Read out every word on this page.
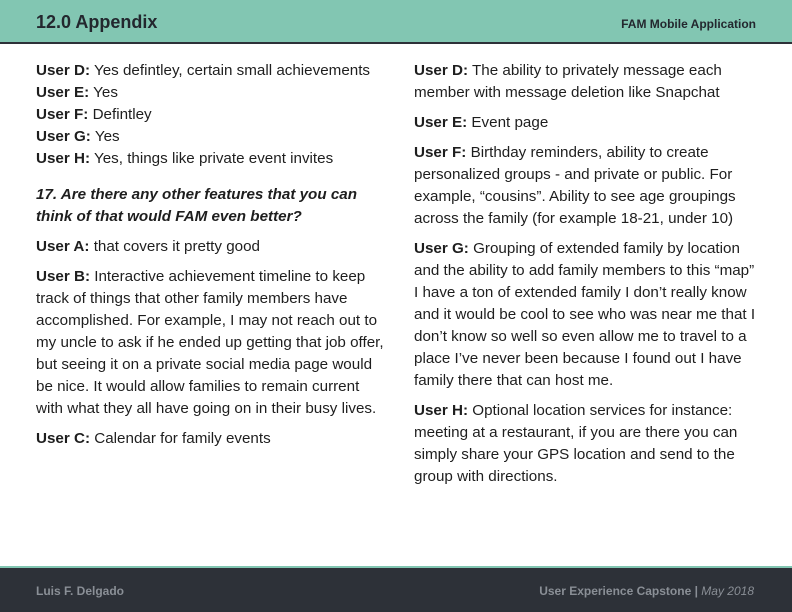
12.0 Appendix	FAM Mobile Application
User D: Yes defintley, certain small achievements
User E: Yes
User F: Defintley
User G: Yes
User H: Yes, things like private event invites
17. Are there any other features that you can think of that would FAM even better?
User A: that covers it pretty good
User B: Interactive achievement timeline to keep track of things that other family members have accomplished. For example, I may not reach out to my uncle to ask if he ended up getting that job offer, but seeing it on a private social media page would be nice. It would allow families to remain current with what they all have going on in their busy lives.
User C: Calendar for family events
User D: The ability to privately message each member with message deletion like Snapchat
User E: Event page
User F: Birthday reminders, ability to create personalized groups - and private or public. For example, “cousins”. Ability to see age groupings across the family (for example 18-21, under 10)
User G: Grouping of extended family by location and the ability to add family members to this “map” I have a ton of extended family I don’t really know and it would be cool to see who was near me that I don’t know so well so even allow me to travel to a place I’ve never been because I found out I have family there that can host me.
User H: Optional location services for instance: meeting at a restaurant, if you are there you can simply share your GPS location and send to the group with directions.
Luis F. Delgado	User Experience Capstone | May 2018
